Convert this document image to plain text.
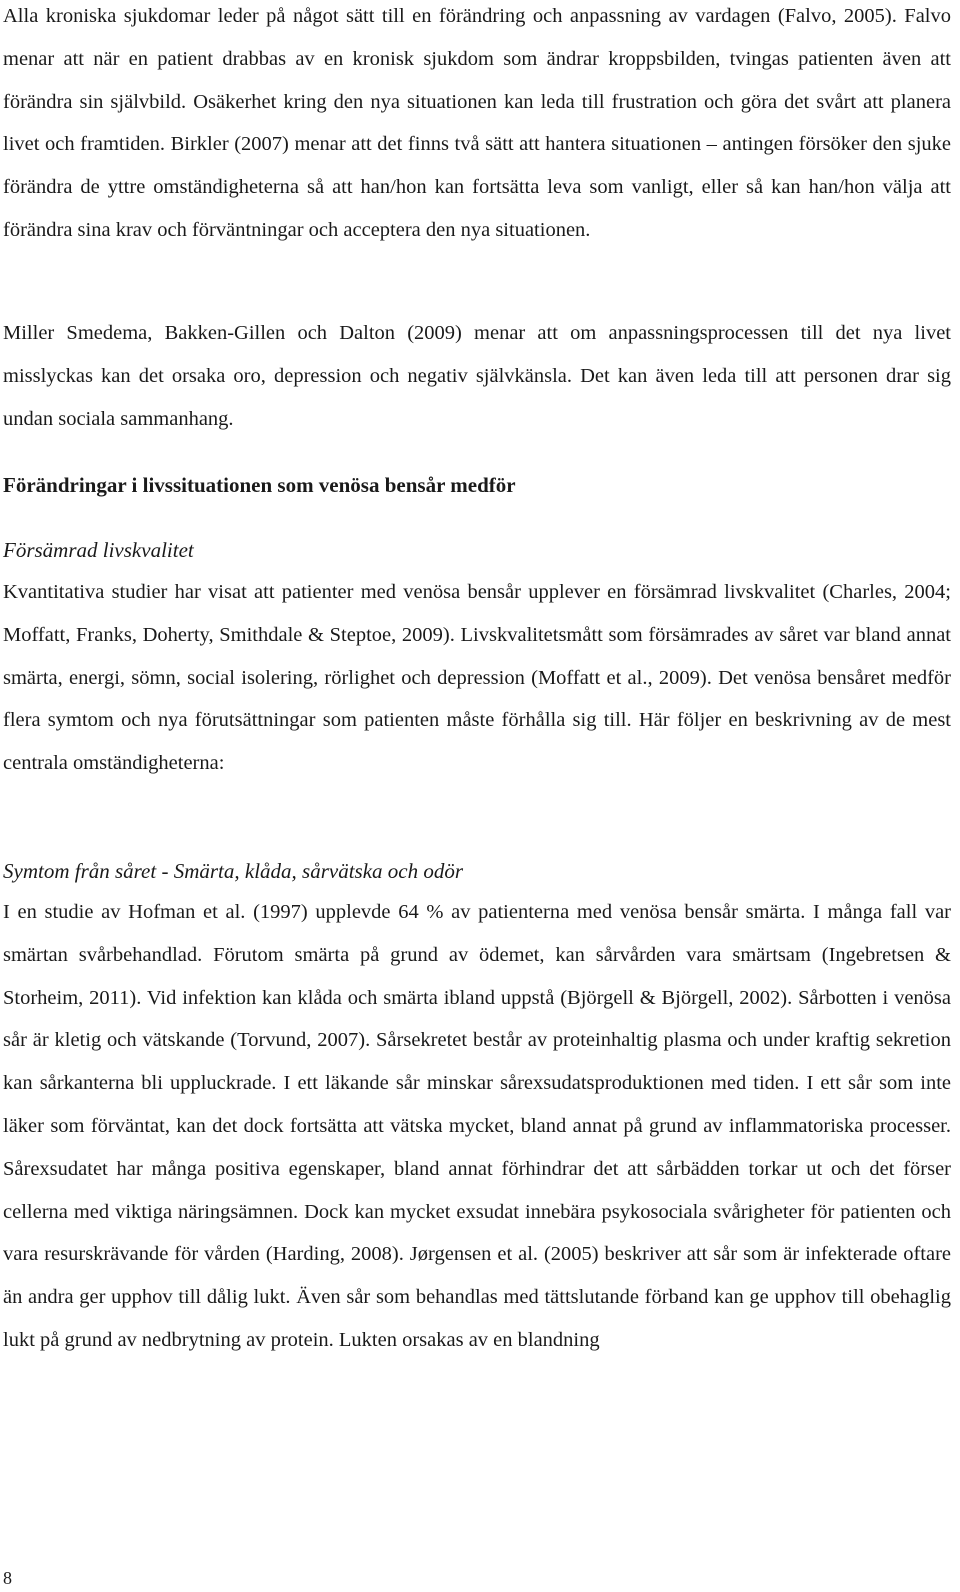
Alla kroniska sjukdomar leder på något sätt till en förändring och anpassning av vardagen (Falvo, 2005). Falvo menar att när en patient drabbas av en kronisk sjukdom som ändrar kroppsbilden, tvingas patienten även att förändra sin självbild. Osäkerhet kring den nya situationen kan leda till frustration och göra det svårt att planera livet och framtiden. Birkler (2007) menar att det finns två sätt att hantera situationen – antingen försöker den sjuke förändra de yttre omständigheterna så att han/hon kan fortsätta leva som vanligt, eller så kan han/hon välja att förändra sina krav och förväntningar och acceptera den nya situationen.

Miller Smedema, Bakken-Gillen och Dalton (2009) menar att om anpassningsprocessen till det nya livet misslyckas kan det orsaka oro, depression och negativ självkänsla. Det kan även leda till att personen drar sig undan sociala sammanhang.

Förändringar i livssituationen som venösa bensår medför
Försämrad livskvalitet

Kvantitativa studier har visat att patienter med venösa bensår upplever en försämrad livskvalitet (Charles, 2004; Moffatt, Franks, Doherty, Smithdale & Steptoe, 2009). Livskvalitetsmått som försämrades av såret var bland annat smärta, energi, sömn, social isolering, rörlighet och depression (Moffatt et al., 2009). Det venösa bensåret medför flera symtom och nya förutsättningar som patienten måste förhålla sig till. Här följer en beskrivning av de mest centrala omständigheterna:

Symtom från såret - Smärta, klåda, sårvätska och odör

I en studie av Hofman et al. (1997) upplevde 64 % av patienterna med venösa bensår smärta. I många fall var smärtan svårbehandlad. Förutom smärta på grund av ödemet, kan sårvården vara smärtsam (Ingebretsen & Storheim, 2011). Vid infektion kan klåda och smärta ibland uppstå (Björgell & Björgell, 2002). Sårbotten i venösa sår är kletig och vätskande (Torvund, 2007). Sårsekretet består av proteinhaltig plasma och under kraftig sekretion kan sårkanterna bli uppluckrade. I ett läkande sår minskar sårexsudatsproduktionen med tiden. I ett sår som inte läker som förväntat, kan det dock fortsätta att vätska mycket, bland annat på grund av inflammatoriska processer. Sårexsudatet har många positiva egenskaper, bland annat förhindrar det att sårbädden torkar ut och det förser cellerna med viktiga näringsämnen. Dock kan mycket exsudat innebära psykosociala svårigheter för patienten och vara resurskrävande för vården (Harding, 2008). Jørgensen et al. (2005) beskriver att sår som är infekterade oftare än andra ger upphov till dålig lukt. Även sår som behandlas med tättslutande förband kan ge upphov till obehaglig lukt på grund av nedbrytning av protein. Lukten orsakas av en blandning

8
